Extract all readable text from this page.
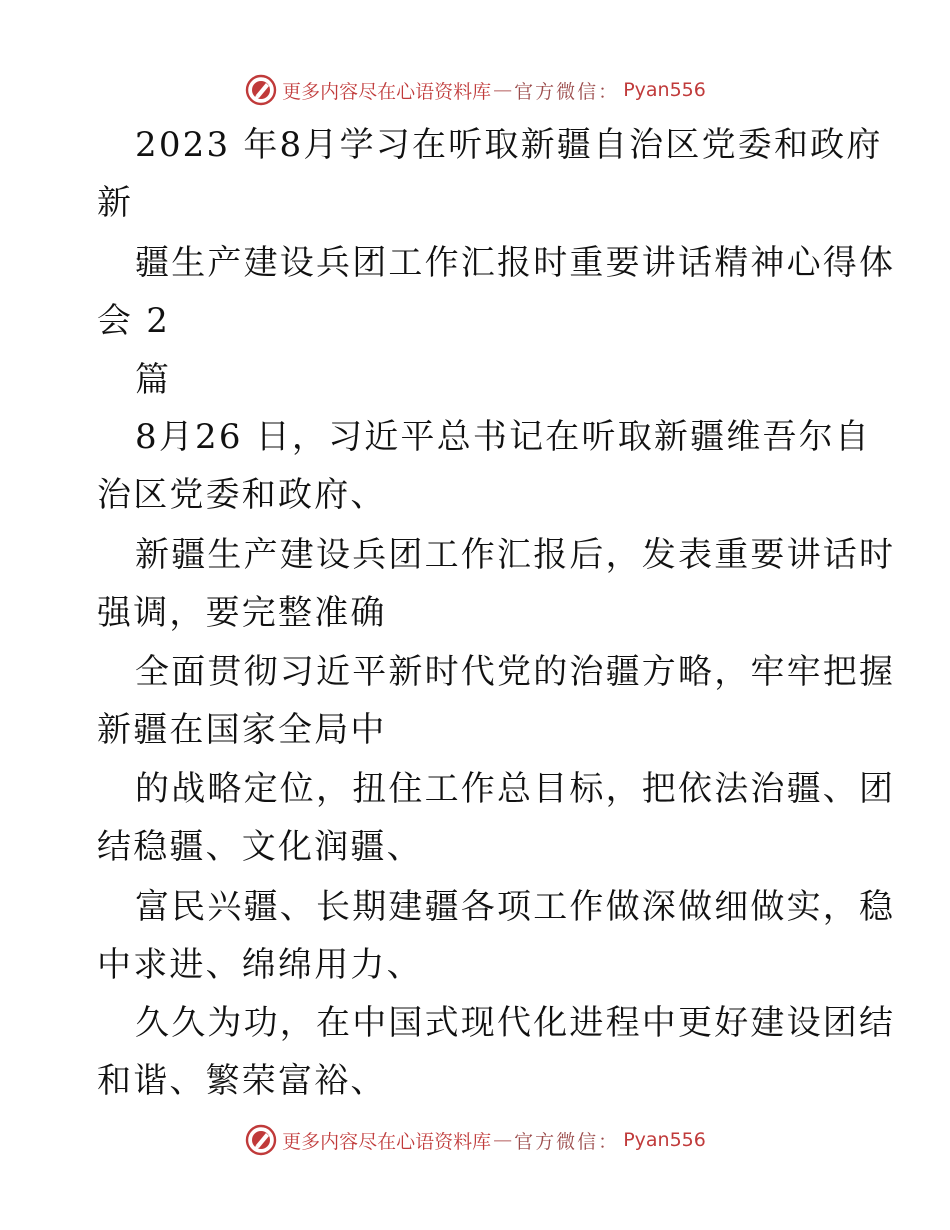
更多内容尽在心语资料库 — 官方微信： Pyan556
2023 年8月学习在听取新疆自治区党委和政府
新
疆生产建设兵团工作汇报时重要讲话精神心得体
会 2
篇
8月26 日，习近平总书记在听取新疆维吾尔自
治区党委和政府、
新疆生产建设兵团工作汇报后，发表重要讲话时
强调，要完整准确
全面贯彻习近平新时代党的治疆方略，牢牢把握
新疆在国家全局中
的战略定位，扭住工作总目标，把依法治疆、团
结稳疆、文化润疆、
富民兴疆、长期建疆各项工作做深做细做实，稳
中求进、绵绵用力、
久久为功，在中国式现代化进程中更好建设团结
和谐、繁荣富裕、
更多内容尽在心语资料库 — 官方微信： Pyan556
